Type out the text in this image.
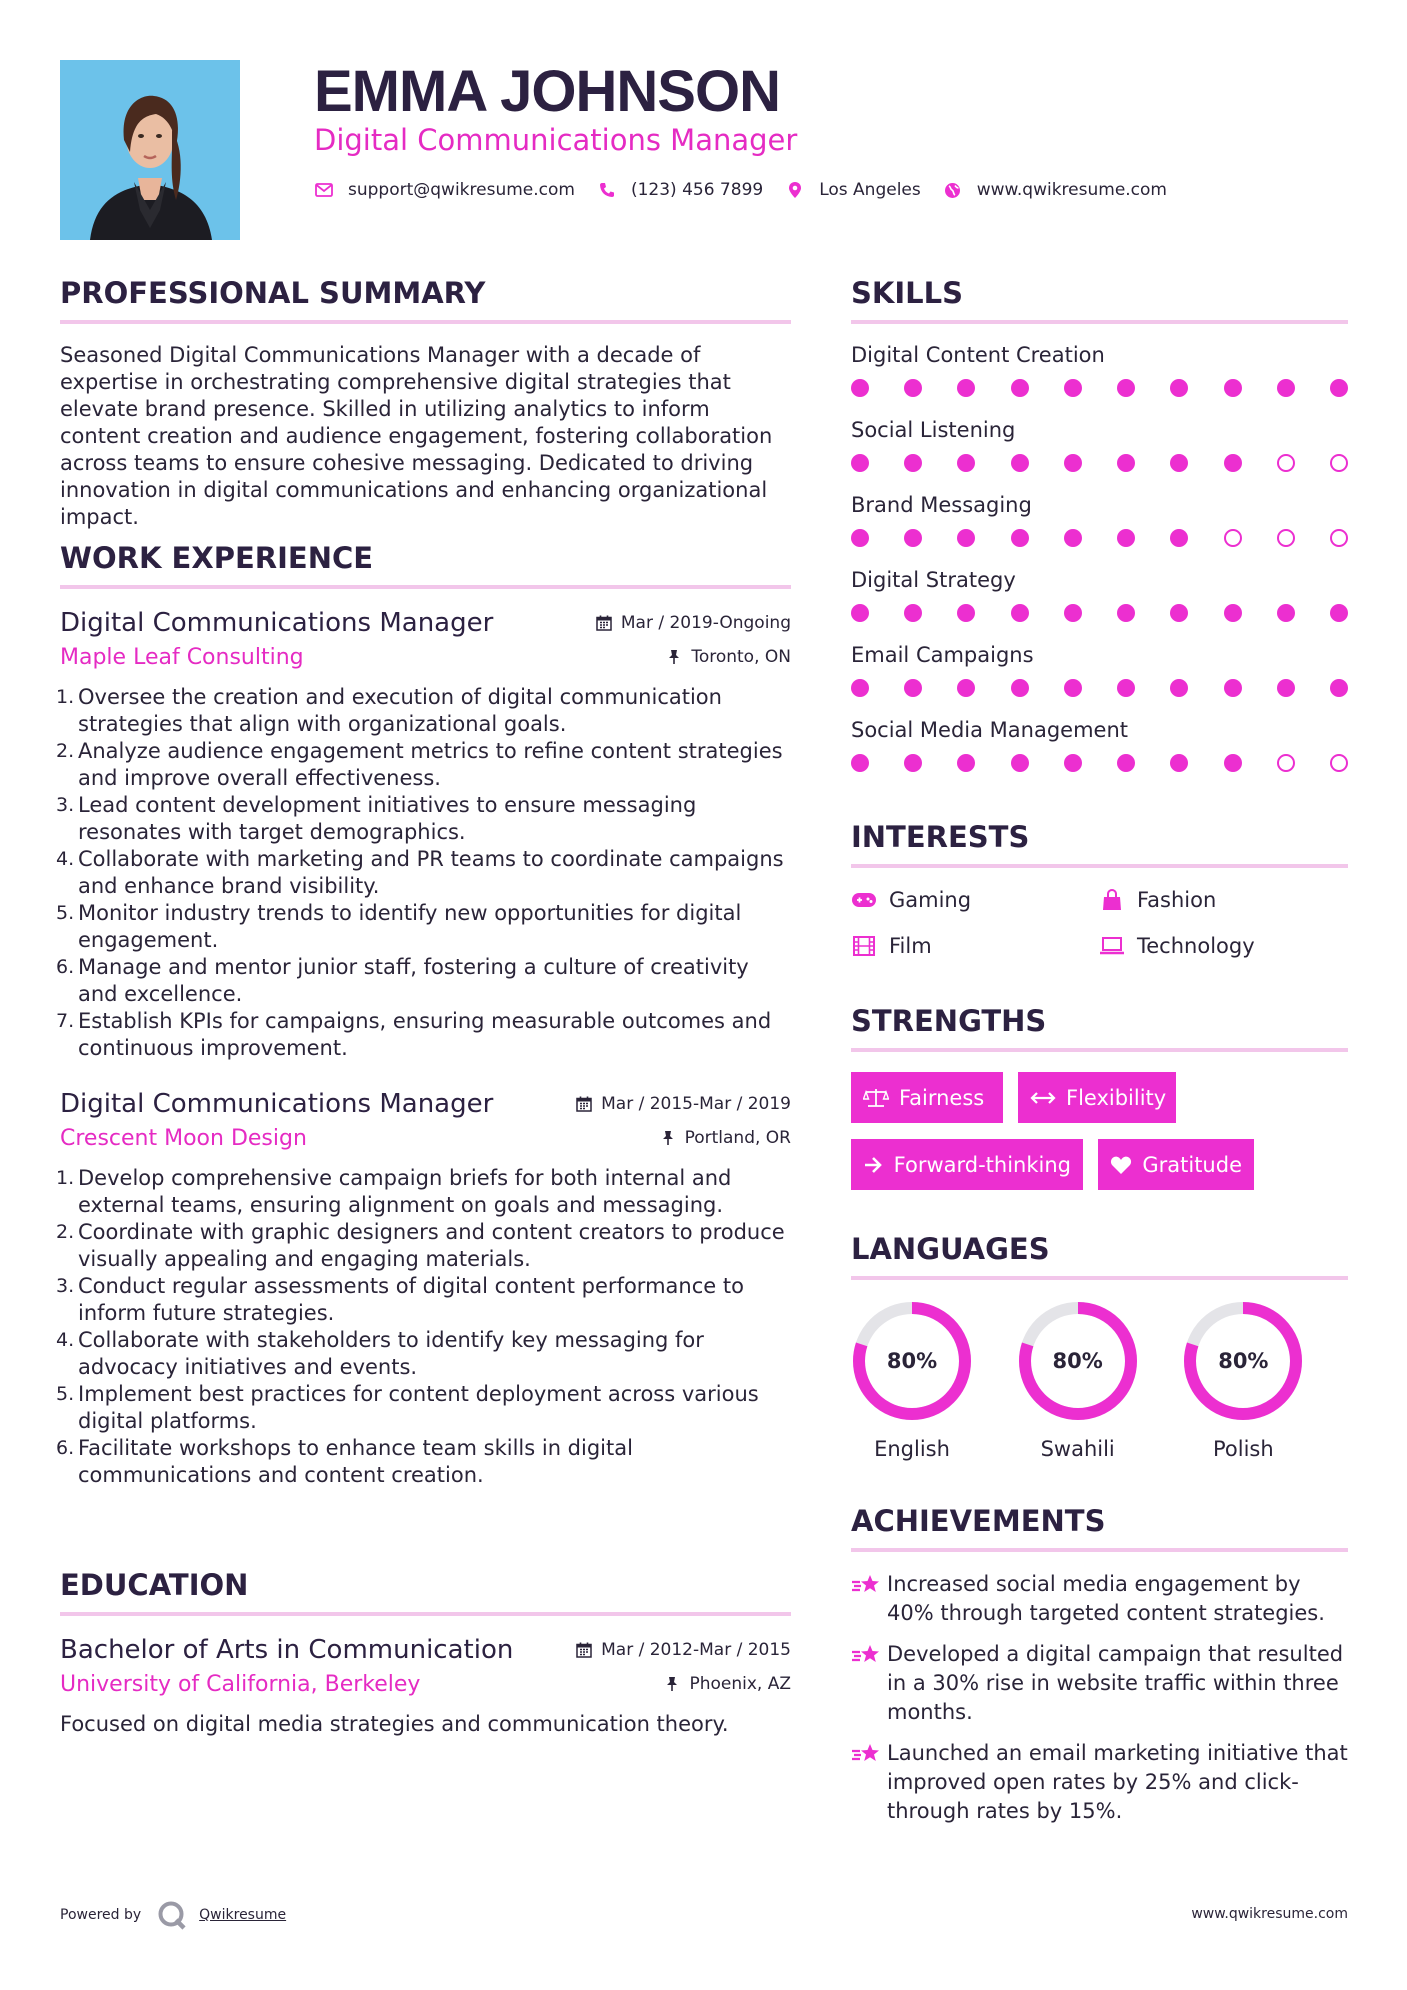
EMMA JOHNSON
Digital Communications Manager
support@qwikresume.com	(123) 456 7899	Los Angeles	www.qwikresume.com
PROFESSIONAL SUMMARY

Seasoned Digital Communications Manager with a decade of expertise in orchestrating comprehensive digital strategies that elevate brand presence. Skilled in utilizing analytics to inform content creation and audience engagement, fostering collaboration across teams to ensure cohesive messaging. Dedicated to driving innovation in digital communications and enhancing organizational impact.

WORK EXPERIENCE
Digital Communications Manager
Maple Leaf Consulting
Mar / 2019-Ongoing
Toronto, ON
1. Oversee the creation and execution of digital communication strategies that align with organizational goals.
2. Analyze audience engagement metrics to refine content strategies and improve overall effectiveness.
3. Lead content development initiatives to ensure messaging resonates with target demographics.
4. Collaborate with marketing and PR teams to coordinate campaigns and enhance brand visibility.
5. Monitor industry trends to identify new opportunities for digital engagement.
6. Manage and mentor junior staff, fostering a culture of creativity and excellence.
7. Establish KPIs for campaigns, ensuring measurable outcomes and continuous improvement.
Digital Communications Manager
Crescent Moon Design
Mar / 2015-Mar / 2019
Portland, OR
1. Develop comprehensive campaign briefs for both internal and external teams, ensuring alignment on goals and messaging.
2. Coordinate with graphic designers and content creators to produce visually appealing and engaging materials.
3. Conduct regular assessments of digital content performance to inform future strategies.
4. Collaborate with stakeholders to identify key messaging for advocacy initiatives and events.
5. Implement best practices for content deployment across various digital platforms.
6. Facilitate workshops to enhance team skills in digital communications and content creation.
EDUCATION
Bachelor of Arts in Communication
University of California, Berkeley
Mar / 2012-Mar / 2015
Phoenix, AZ

Focused on digital media strategies and communication theory.

SKILLS
Digital Content Creation
Social Listening
Brand Messaging
Digital Strategy
Email Campaigns
Social Media Management
INTERESTS
Gaming	Fashion
Film	Technology
STRENGTHS
Fairness	Flexibility
Forward-thinking	Gratitude
LANGUAGES
80%
English
80%
Swahili
80%
Polish
ACHIEVEMENTS
Increased social media engagement by 40% through targeted content strategies.
Developed a digital campaign that resulted in a 30% rise in website traffic within three months.
Launched an email marketing initiative that improved open rates by 25% and click-through rates by 15%.
Powered by	Qwikresume	www.qwikresume.com
